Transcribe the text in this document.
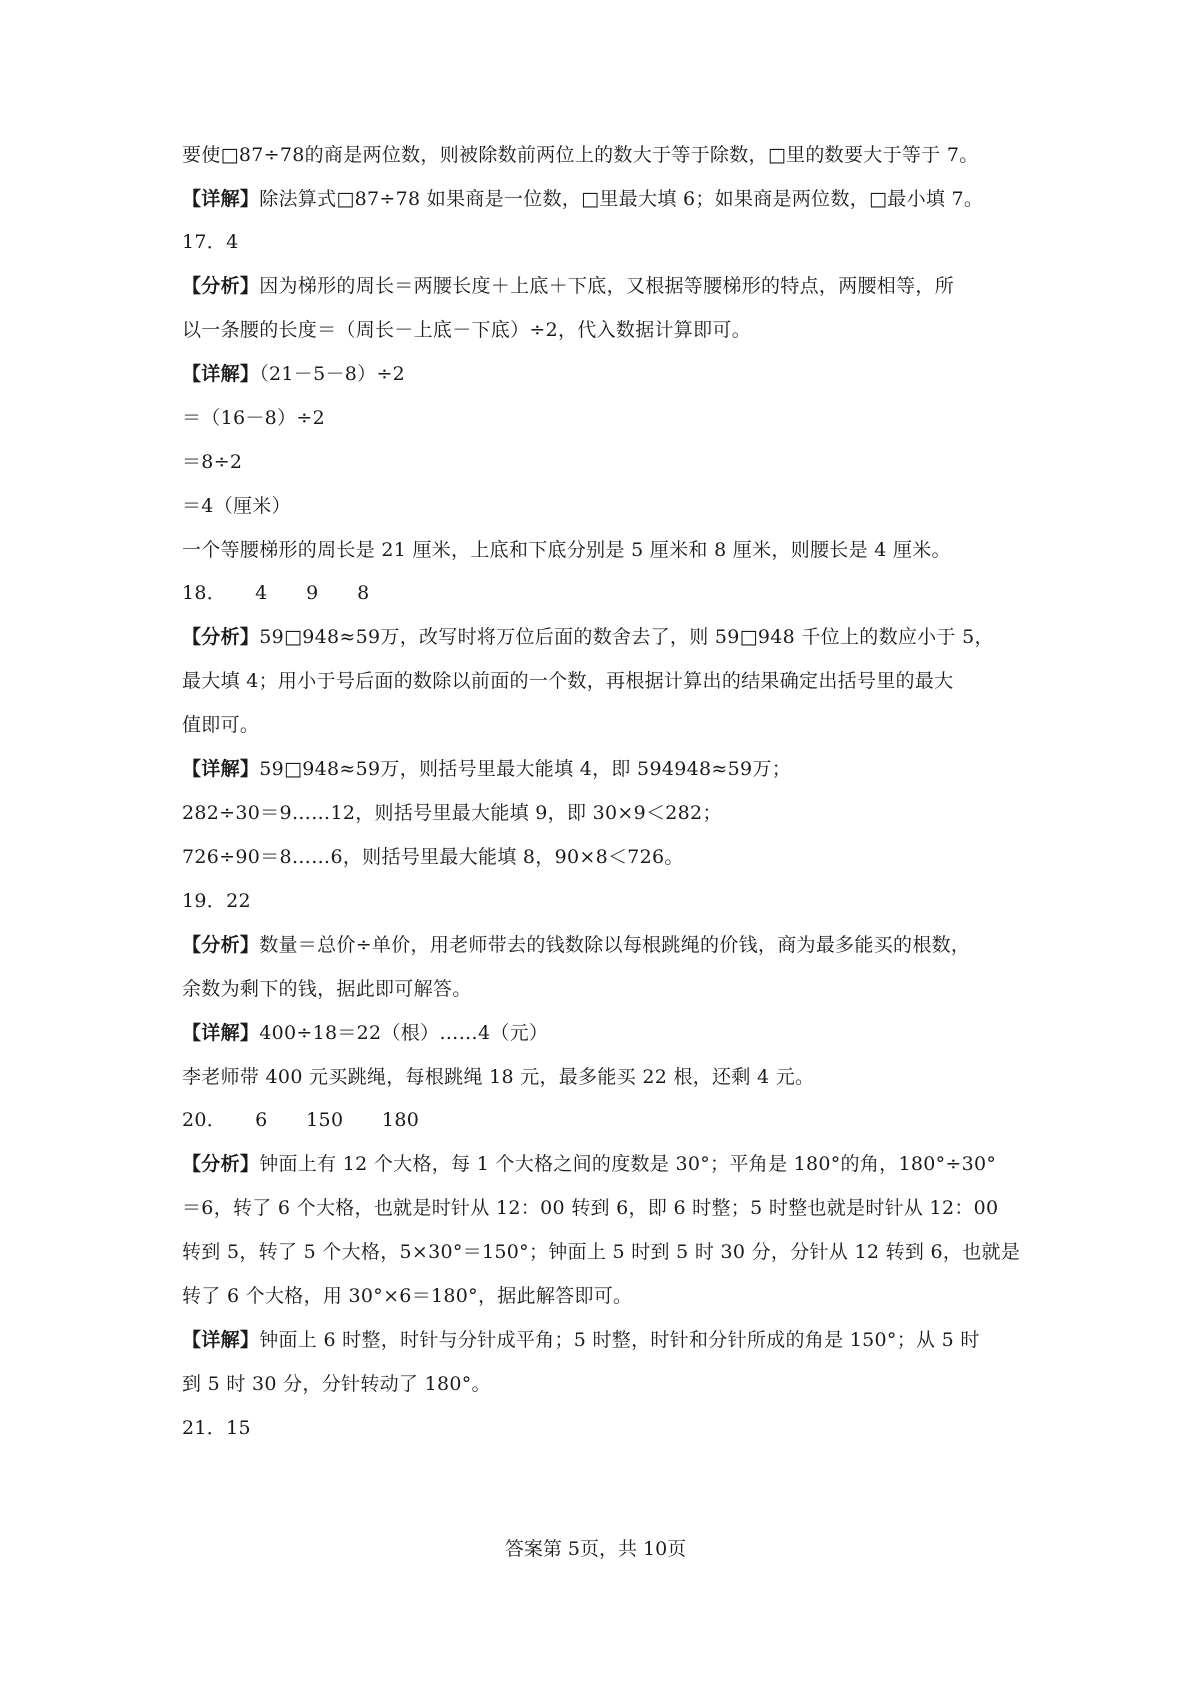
要使□87÷78的商是两位数，则被除数前两位上的数大于等于除数，□里的数要大于等于 7。
【详解】除法算式□87÷78 如果商是一位数，□里最大填 6；如果商是两位数，□最小填 7。
17．4
【分析】因为梯形的周长＝两腰长度＋上底＋下底，又根据等腰梯形的特点，两腰相等，所
以一条腰的长度＝（周长－上底－下底）÷2，代入数据计算即可。
【详解】（21－5－8）÷2
＝（16－8）÷2
＝8÷2
＝4（厘米）
一个等腰梯形的周长是 21 厘米，上底和下底分别是 5 厘米和 8 厘米，则腰长是 4 厘米。
18．　　4　　9　　8
【分析】59□948≈59万，改写时将万位后面的数舍去了，则 59□948 千位上的数应小于 5，
最大填 4；用小于号后面的数除以前面的一个数，再根据计算出的结果确定出括号里的最大
值即可。
【详解】59□948≈59万，则括号里最大能填 4，即 594948≈59万；
282÷30＝9……12，则括号里最大能填 9，即 30×9＜282；
726÷90＝8……6，则括号里最大能填 8，90×8＜726。
19．22
【分析】数量＝总价÷单价，用老师带去的钱数除以每根跳绳的价钱，商为最多能买的根数，
余数为剩下的钱，据此即可解答。
【详解】400÷18＝22（根）……4（元）
李老师带 400 元买跳绳，每根跳绳 18 元，最多能买 22 根，还剩 4 元。
20．　　6　　150　　180
【分析】钟面上有 12 个大格，每 1 个大格之间的度数是 30°；平角是 180°的角，180°÷30°
＝6，转了 6 个大格，也就是时针从 12：00 转到 6，即 6 时整；5 时整也就是时针从 12：00
转到 5，转了 5 个大格，5×30°＝150°；钟面上 5 时到 5 时 30 分，分针从 12 转到 6，也就是
转了 6 个大格，用 30°×6＝180°，据此解答即可。
【详解】钟面上 6 时整，时针与分针成平角；5 时整，时针和分针所成的角是 150°；从 5 时
到 5 时 30 分，分针转动了 180°。
21．15
答案第 5页，共 10页
